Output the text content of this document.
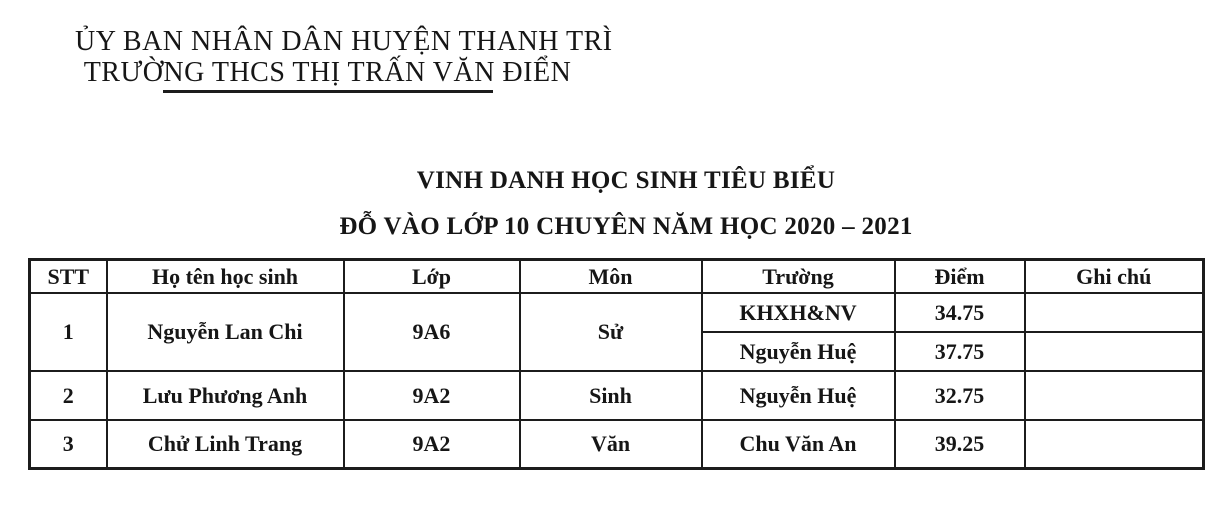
ỦY BAN NHÂN DÂN HUYỆN THANH TRÌ
TRƯỜNG THCS THỊ TRẤN VĂN ĐIỂN
VINH DANH HỌC SINH TIÊU BIỂU
ĐỖ VÀO LỚP 10 CHUYÊN NĂM HỌC 2020 – 2021
STT	Họ tên học sinh	Lớp	Môn	Trường	Điểm	Ghi chú
1	Nguyễn Lan Chi	9A6	Sử	KHXH&NV	34.75	
				Nguyễn Huệ	37.75	
2	Lưu Phương Anh	9A2	Sinh	Nguyễn Huệ	32.75	
3	Chử Linh Trang	9A2	Văn	Chu Văn An	39.25	
